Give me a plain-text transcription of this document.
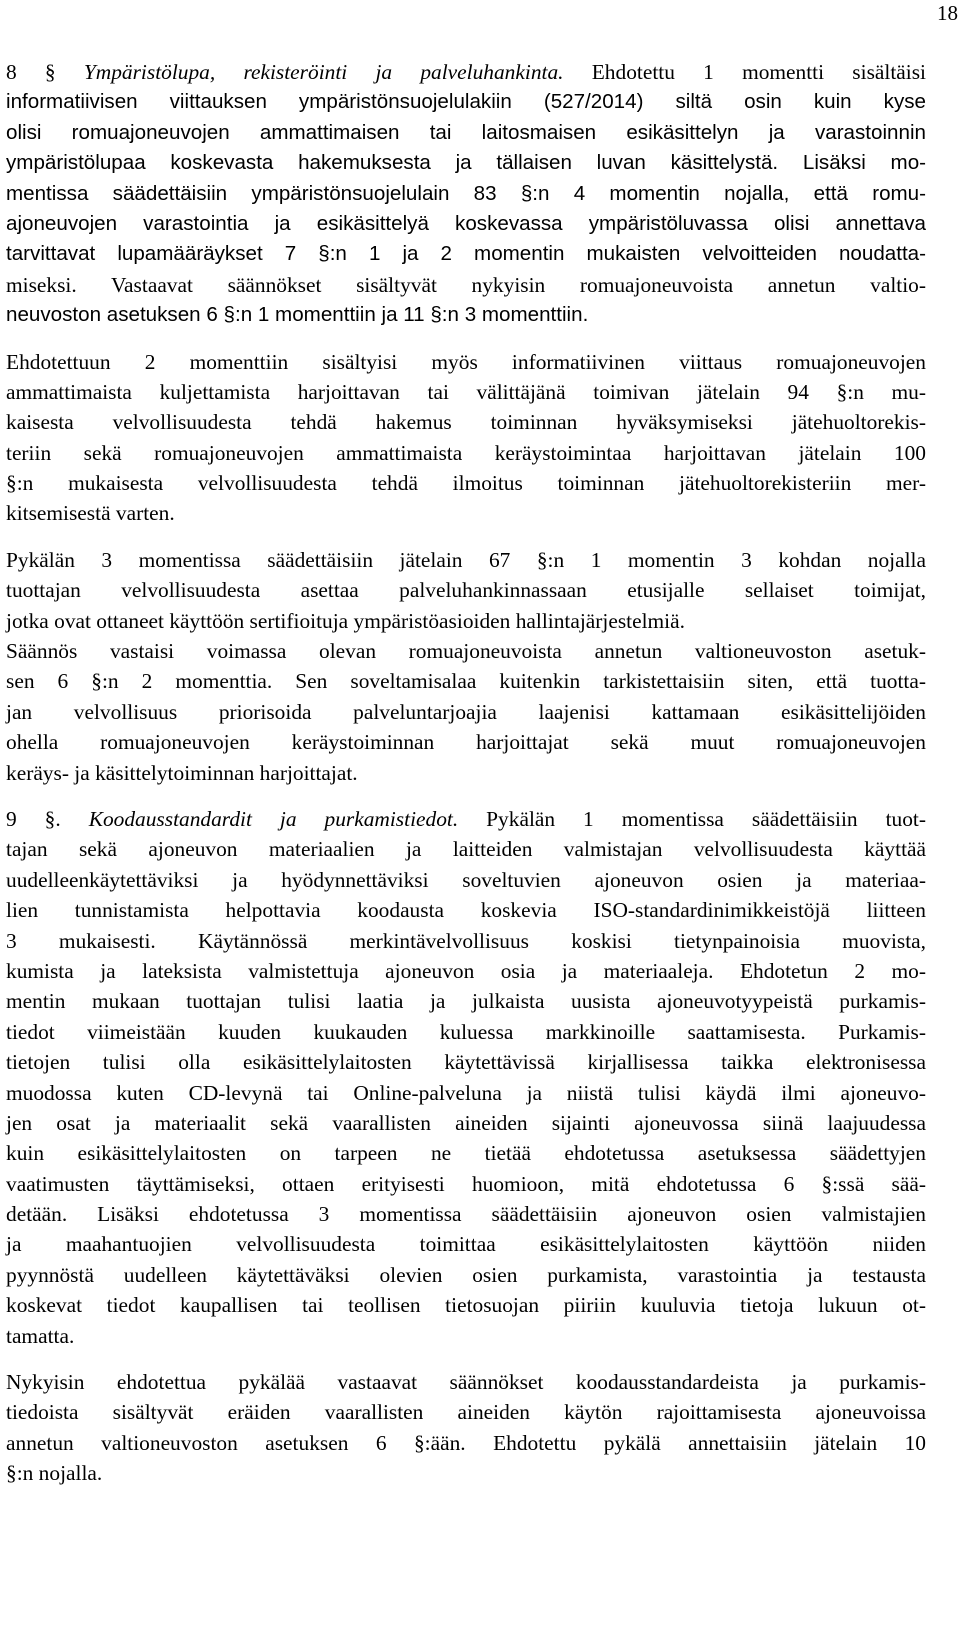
18
8 § Ympäristölupa, rekisteröinti ja palveluhankinta. Ehdotettu 1 momentti sisältäisi
informatiivisen viittauksen ympäristönsuojelulakiin (527/2014) siltä osin kuin kyse
olisi romuajoneuvojen ammattimaisen tai laitosmaisen esikäsittelyn ja varastoinnin
ympäristölupaa koskevasta hakemuksesta ja tällaisen luvan käsittelystä. Lisäksi mo-
mentissa säädettäisiin ympäristönsuojelulain 83 §:n 4 momentin nojalla, että romu-
ajoneuvojen varastointia ja esikäsittelyä koskevassa ympäristöluvassa olisi annettava
tarvittavat lupamääräykset 7 §:n 1 ja 2 momentin mukaisten velvoitteiden noudatta-
miseksi. Vastaavat säännökset sisältyvät nykyisin romuajoneuvoista annetun valtio-
neuvoston asetuksen 6 §:n 1 momenttiin ja 11 §:n 3 momenttiin.
Ehdotettuun 2 momenttiin sisältyisi myös informatiivinen viittaus romuajoneuvojen
ammattimaista kuljettamista harjoittavan tai välittäjänä toimivan jätelain 94 §:n mu-
kaisesta velvollisuudesta tehdä hakemus toiminnan hyväksymiseksi jätehuoltorekis-
teriin sekä romuajoneuvojen ammattimaista keräystoimintaa harjoittavan jätelain 100
§:n mukaisesta velvollisuudesta tehdä ilmoitus toiminnan jätehuoltorekisteriin mer-
kitsemisestä varten.
Pykälän 3 momentissa säädettäisiin jätelain 67 §:n 1 momentin 3 kohdan nojalla
tuottajan velvollisuudesta asettaa palveluhankinnassaan etusijalle sellaiset toimijat,
jotka ovat ottaneet käyttöön sertifioituja ympäristöasioiden hallintajärjestelmiä.
Säännös vastaisi voimassa olevan romuajoneuvoista annetun valtioneuvoston asetuk-
sen 6 §:n 2 momenttia. Sen soveltamisalaa kuitenkin tarkistettaisiin siten, että tuotta-
jan velvollisuus priorisoida palveluntarjoajia laajenisi kattamaan esikäsittelijöiden
ohella romuajoneuvojen keräystoiminnan harjoittajat sekä muut romuajoneuvojen
keräys- ja käsittelytoiminnan harjoittajat.
9 §. Koodausstandardit ja purkamistiedot. Pykälän 1 momentissa säädettäisiin tuot-
tajan sekä ajoneuvon materiaalien ja laitteiden valmistajan velvollisuudesta käyttää
uudelleenkäytettäviksi ja hyödynnettäviksi soveltuvien ajoneuvon osien ja materiaa-
lien tunnistamista helpottavia koodausta koskevia ISO-standardinimikkeistöjä liitteen
3 mukaisesti. Käytännössä merkintävelvollisuus koskisi tietynpainoisia muovista,
kumista ja lateksista valmistettuja ajoneuvon osia ja materiaaleja. Ehdotetun 2 mo-
mentin mukaan tuottajan tulisi laatia ja julkaista uusista ajoneuvotyypeistä purkamis-
tiedot viimeistään kuuden kuukauden kuluessa markkinoille saattamisesta. Purkamis-
tietojen tulisi olla esikäsittelylaitosten käytettävissä kirjallisessa taikka elektronisessa
muodossa kuten CD-levynä tai Online-palveluna ja niistä tulisi käydä ilmi ajoneuvo-
jen osat ja materiaalit sekä vaarallisten aineiden sijainti ajoneuvossa siinä laajuudessa
kuin esikäsittelylaitosten on tarpeen ne tietää ehdotetussa asetuksessa säädettyjen
vaatimusten täyttämiseksi, ottaen erityisesti huomioon, mitä ehdotetussa 6 §:ssä sää-
detään. Lisäksi ehdotetussa 3 momentissa säädettäisiin ajoneuvon osien valmistajien
ja maahantuojien velvollisuudesta toimittaa esikäsittelylaitosten käyttöön niiden
pyynnöstä uudelleen käytettäväksi olevien osien purkamista, varastointia ja testausta
koskevat tiedot kaupallisen tai teollisen tietosuojan piiriin kuuluvia tietoja lukuun ot-
tamatta.
Nykyisin ehdotettua pykälää vastaavat säännökset koodausstandardeista ja purkamis-
tiedoista sisältyvät eräiden vaarallisten aineiden käytön rajoittamisesta ajoneuvoissa
annetun valtioneuvoston asetuksen 6 §:ään. Ehdotettu pykälä annettaisiin jätelain 10
§:n nojalla.
